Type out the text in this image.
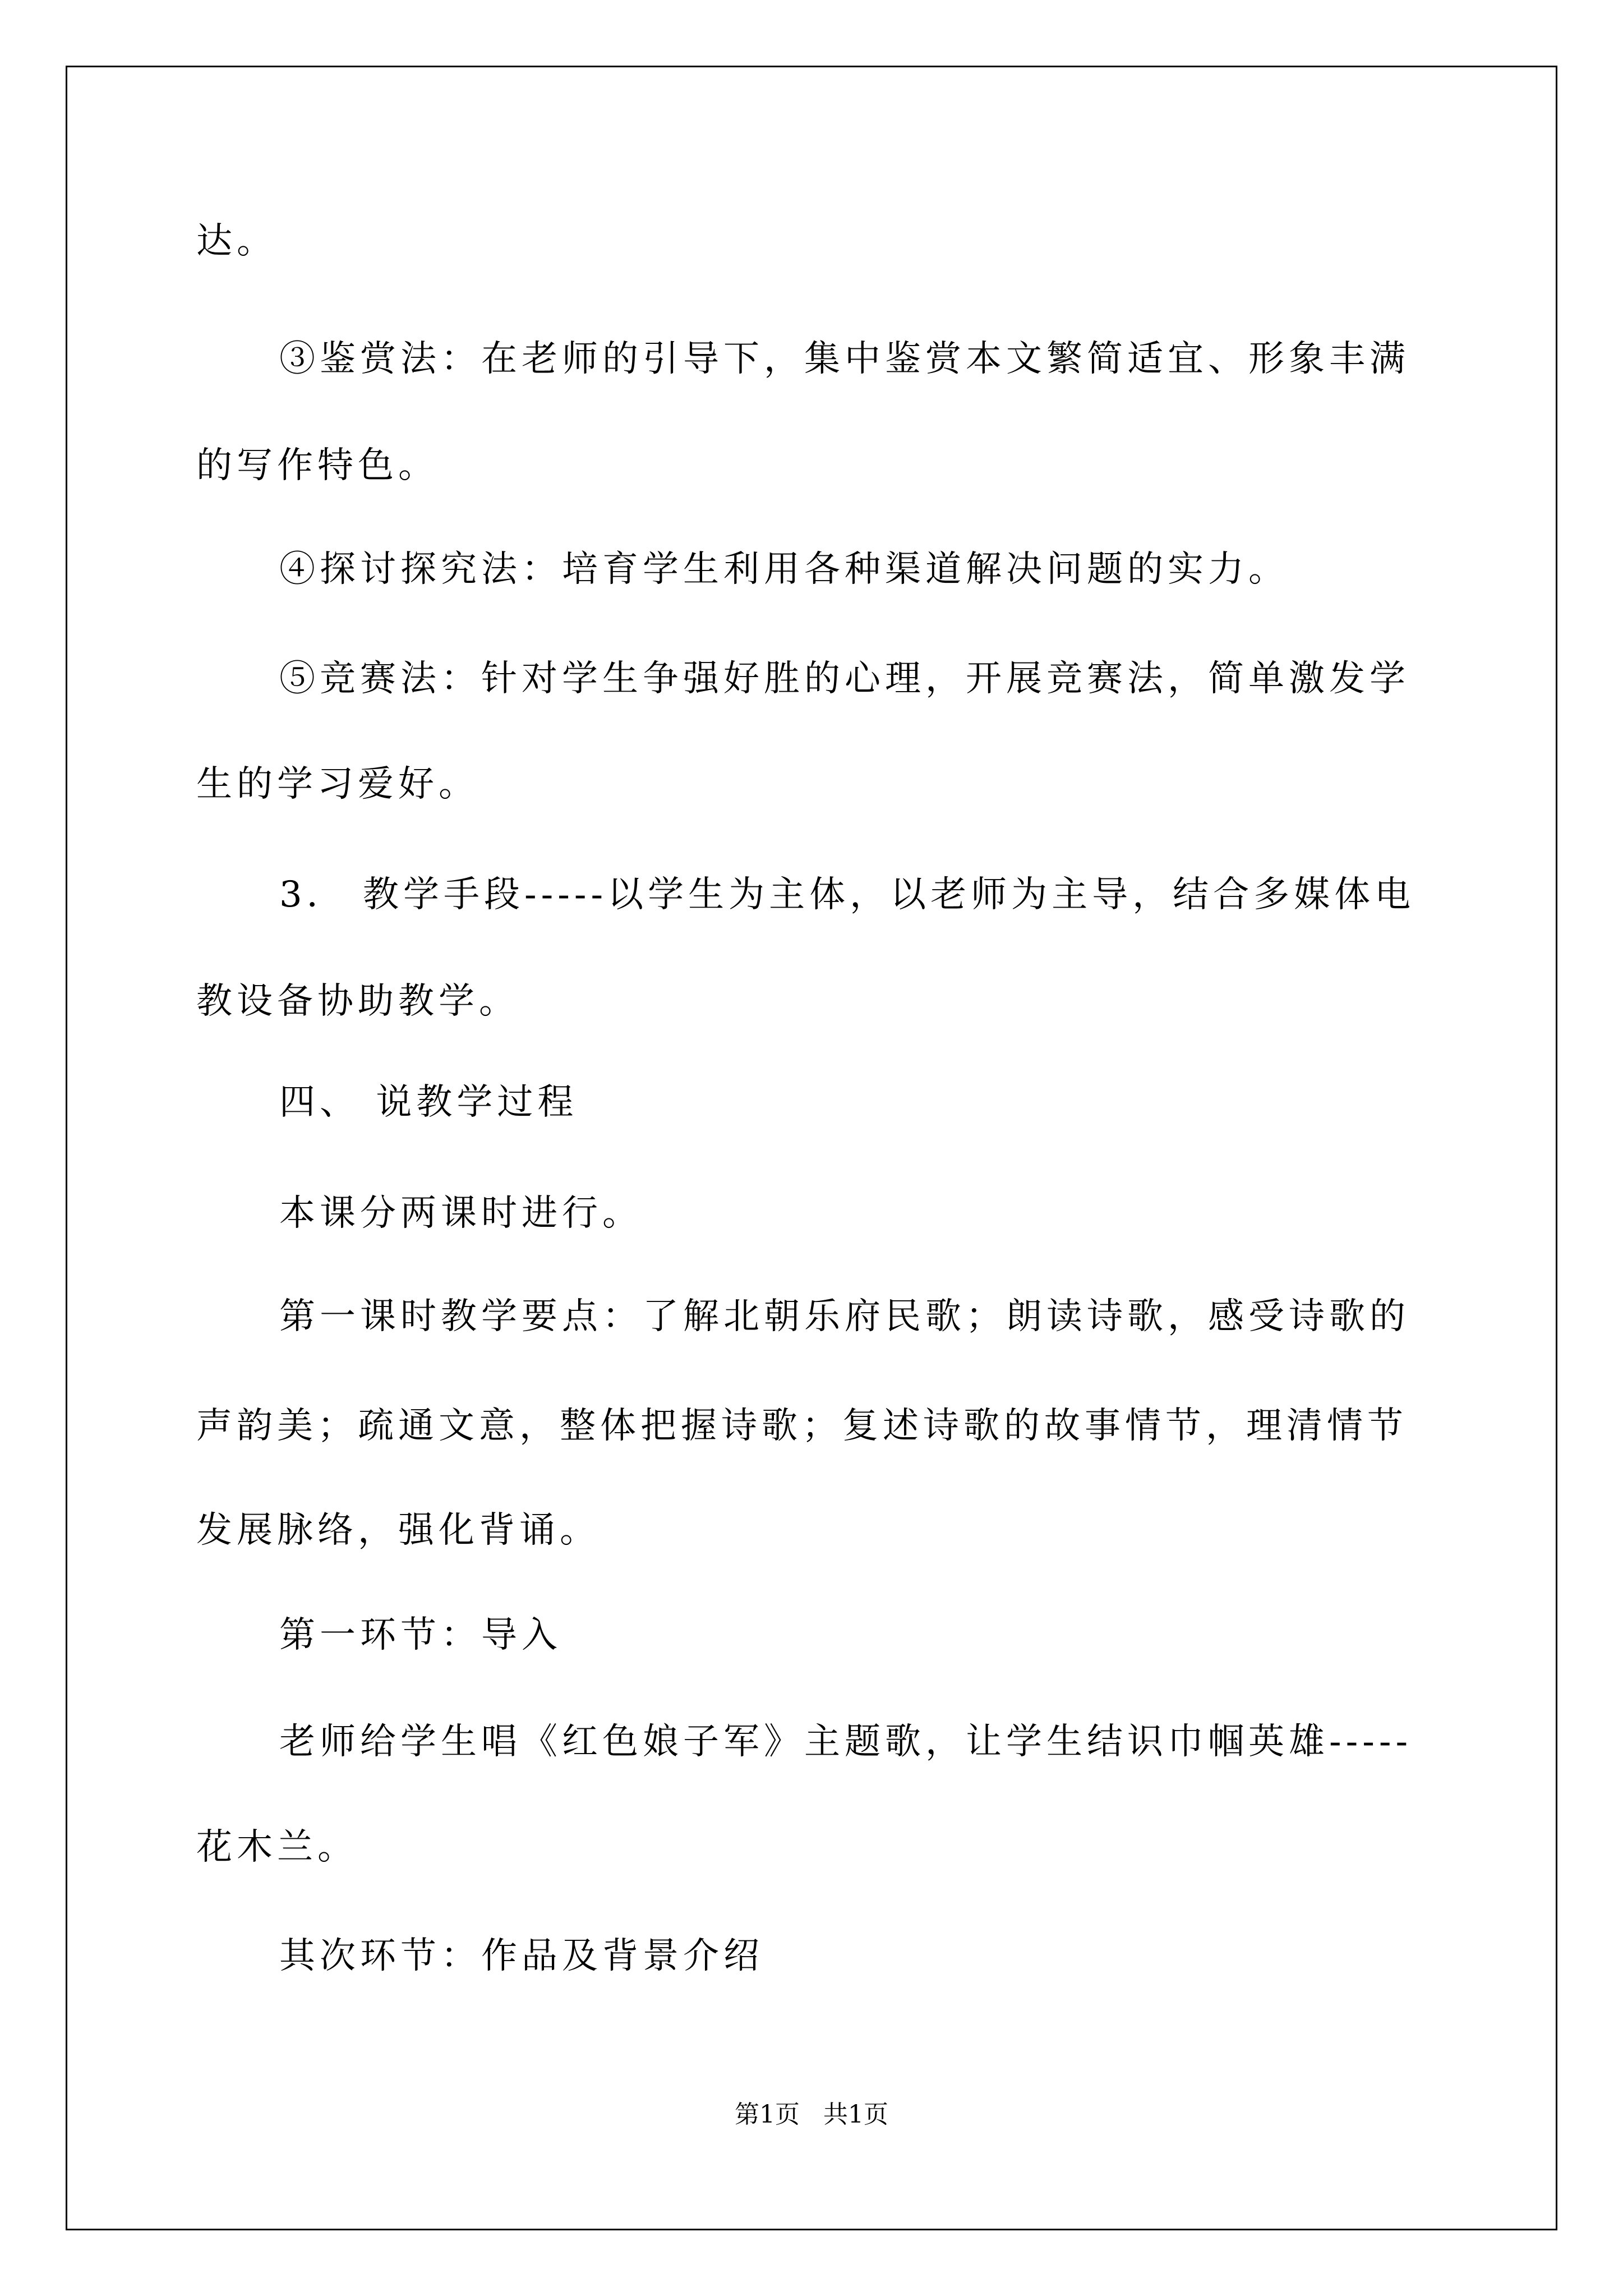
达。
③鉴赏法：在老师的引导下，集中鉴赏本文繁简适宜、形象丰满
的写作特色。
④探讨探究法：培育学生利用各种渠道解决问题的实力。
⑤竞赛法：针对学生争强好胜的心理，开展竞赛法，简单激发学
生的学习爱好。
3． 教学手段-----以学生为主体，以老师为主导，结合多媒体电
教设备协助教学。
四、 说教学过程
本课分两课时进行。
第一课时教学要点：了解北朝乐府民歌；朗读诗歌，感受诗歌的
声韵美；疏通文意，整体把握诗歌；复述诗歌的故事情节，理清情节
发展脉络，强化背诵。
第一环节：导入
老师给学生唱《红色娘子军》主题歌，让学生结识巾帼英雄-----
花木兰。
其次环节：作品及背景介绍
第1页   共1页
